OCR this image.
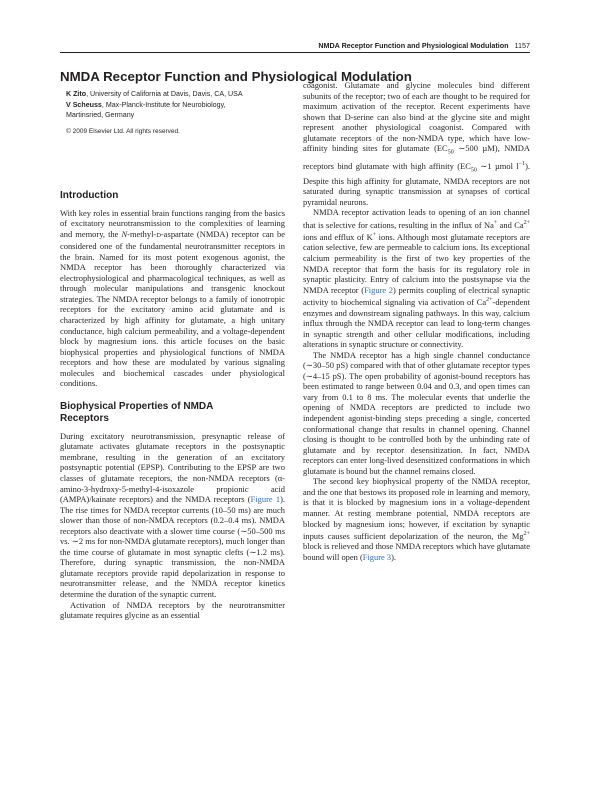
NMDA Receptor Function and Physiological Modulation 1157
NMDA Receptor Function and Physiological Modulation
K Zito, University of California at Davis, Davis, CA, USA
V Scheuss, Max-Planck-Institute for Neurobiology,
Martinsried, Germany
© 2009 Elsevier Ltd. All rights reserved.
Introduction

With key roles in essential brain functions ranging from the basics of excitatory neurotransmission to the complexities of learning and memory, the N-methyl-D-aspartate (NMDA) receptor can be considered one of the fundamental neurotransmitter receptors in the brain. Named for its most potent exogenous agonist, the NMDA receptor has been thoroughly characterized via electrophysiological and pharmacological techniques, as well as through molecular manipulations and transgenic knockout strategies. The NMDA receptor belongs to a family of ionotropic receptors for the excitatory amino acid glutamate and is characterized by high affinity for glutamate, a high unitary conductance, high calcium permeability, and a voltage-dependent block by magnesium ions. this article focuses on the basic biophysical properties and physiological functions of NMDA receptors and how these are modulated by various signaling molecules and biochemical cascades under physiological conditions.

Biophysical Properties of NMDA Receptors

During excitatory neurotransmission, presynaptic release of glutamate activates glutamate receptors in the postsynaptic membrane, resulting in the generation of an excitatory postsynaptic potential (EPSP). Contributing to the EPSP are two classes of glutamate receptors, the non-NMDA receptors (α-amino-3-hydroxy-5-methyl-4-isoxazole propionic acid (AMPA)/kainate receptors) and the NMDA receptors (Figure 1). The rise times for NMDA receptor currents (10–50 ms) are much slower than those of non-NMDA receptors (0.2–0.4 ms). NMDA receptors also deactivate with a slower time course (∼50–500 ms vs. ∼2 ms for non-NMDA glutamate receptors), much longer than the time course of glutamate in most synaptic clefts (∼1.2 ms). Therefore, during synaptic transmission, the non-NMDA glutamate receptors provide rapid depolarization in response to neurotransmitter release, and the NMDA receptor kinetics determine the duration of the synaptic current.

Activation of NMDA receptors by the neurotransmitter glutamate requires glycine as an essential

coagonist. Glutamate and glycine molecules bind different subunits of the receptor; two of each are thought to be required for maximum activation of the receptor. Recent experiments have shown that D-serine can also bind at the glycine site and might represent another physiological coagonist. Compared with glutamate receptors of the non-NMDA type, which have low-affinity binding sites for glutamate ($EC_{50}$ ∼500 µM), NMDA receptors bind glutamate with high affinity ($EC_{50}$ ∼1 µmol $l^{-1}$). Despite this high affinity for glutamate, NMDA receptors are not saturated during synaptic transmission at synapses of cortical pyramidal neurons.

NMDA receptor activation leads to opening of an ion channel that is selective for cations, resulting in the influx of Na+ and $Ca^{2+}$ ions and efflux of K+ ions. Although most glutamate receptors are cation selective, few are permeable to calcium ions. Its exceptional calcium permeability is the first of two key properties of the NMDA receptor that form the basis for its regulatory role in synaptic plasticity. Entry of calcium into the postsynapse via the NMDA receptor (Figure 2) permits coupling of electrical synaptic activity to biochemical signaling via activation of $Ca^{2+}$-dependent enzymes and downstream signaling pathways. In this way, calcium influx through the NMDA receptor can lead to long-term changes in synaptic strength and other cellular modifications, including alterations in synaptic structure or connectivity.

The NMDA receptor has a high single channel conductance (∼30–50 pS) compared with that of other glutamate receptor types (∼4–15 pS). The open probability of agonist-bound receptors has been estimated to range between 0.04 and 0.3, and open times can vary from 0.1 to 8 ms. The molecular events that underlie the opening of NMDA receptors are predicted to include two independent agonist-binding steps preceding a single, concerted conformational change that results in channel opening. Channel closing is thought to be controlled both by the unbinding rate of glutamate and by receptor desensitization. In fact, NMDA receptors can enter long-lived desensitized conformations in which glutamate is bound but the channel remains closed.

The second key biophysical property of the NMDA receptor, and the one that bestows its proposed role in learning and memory, is that it is blocked by magnesium ions in a voltage-dependent manner. At resting membrane potential, NMDA receptors are blocked by magnesium ions; however, if excitation by synaptic inputs causes sufficient depolarization of the neuron, the $Mg^{2+}$ block is relieved and those NMDA receptors which have glutamate bound will open (Figure 3).
